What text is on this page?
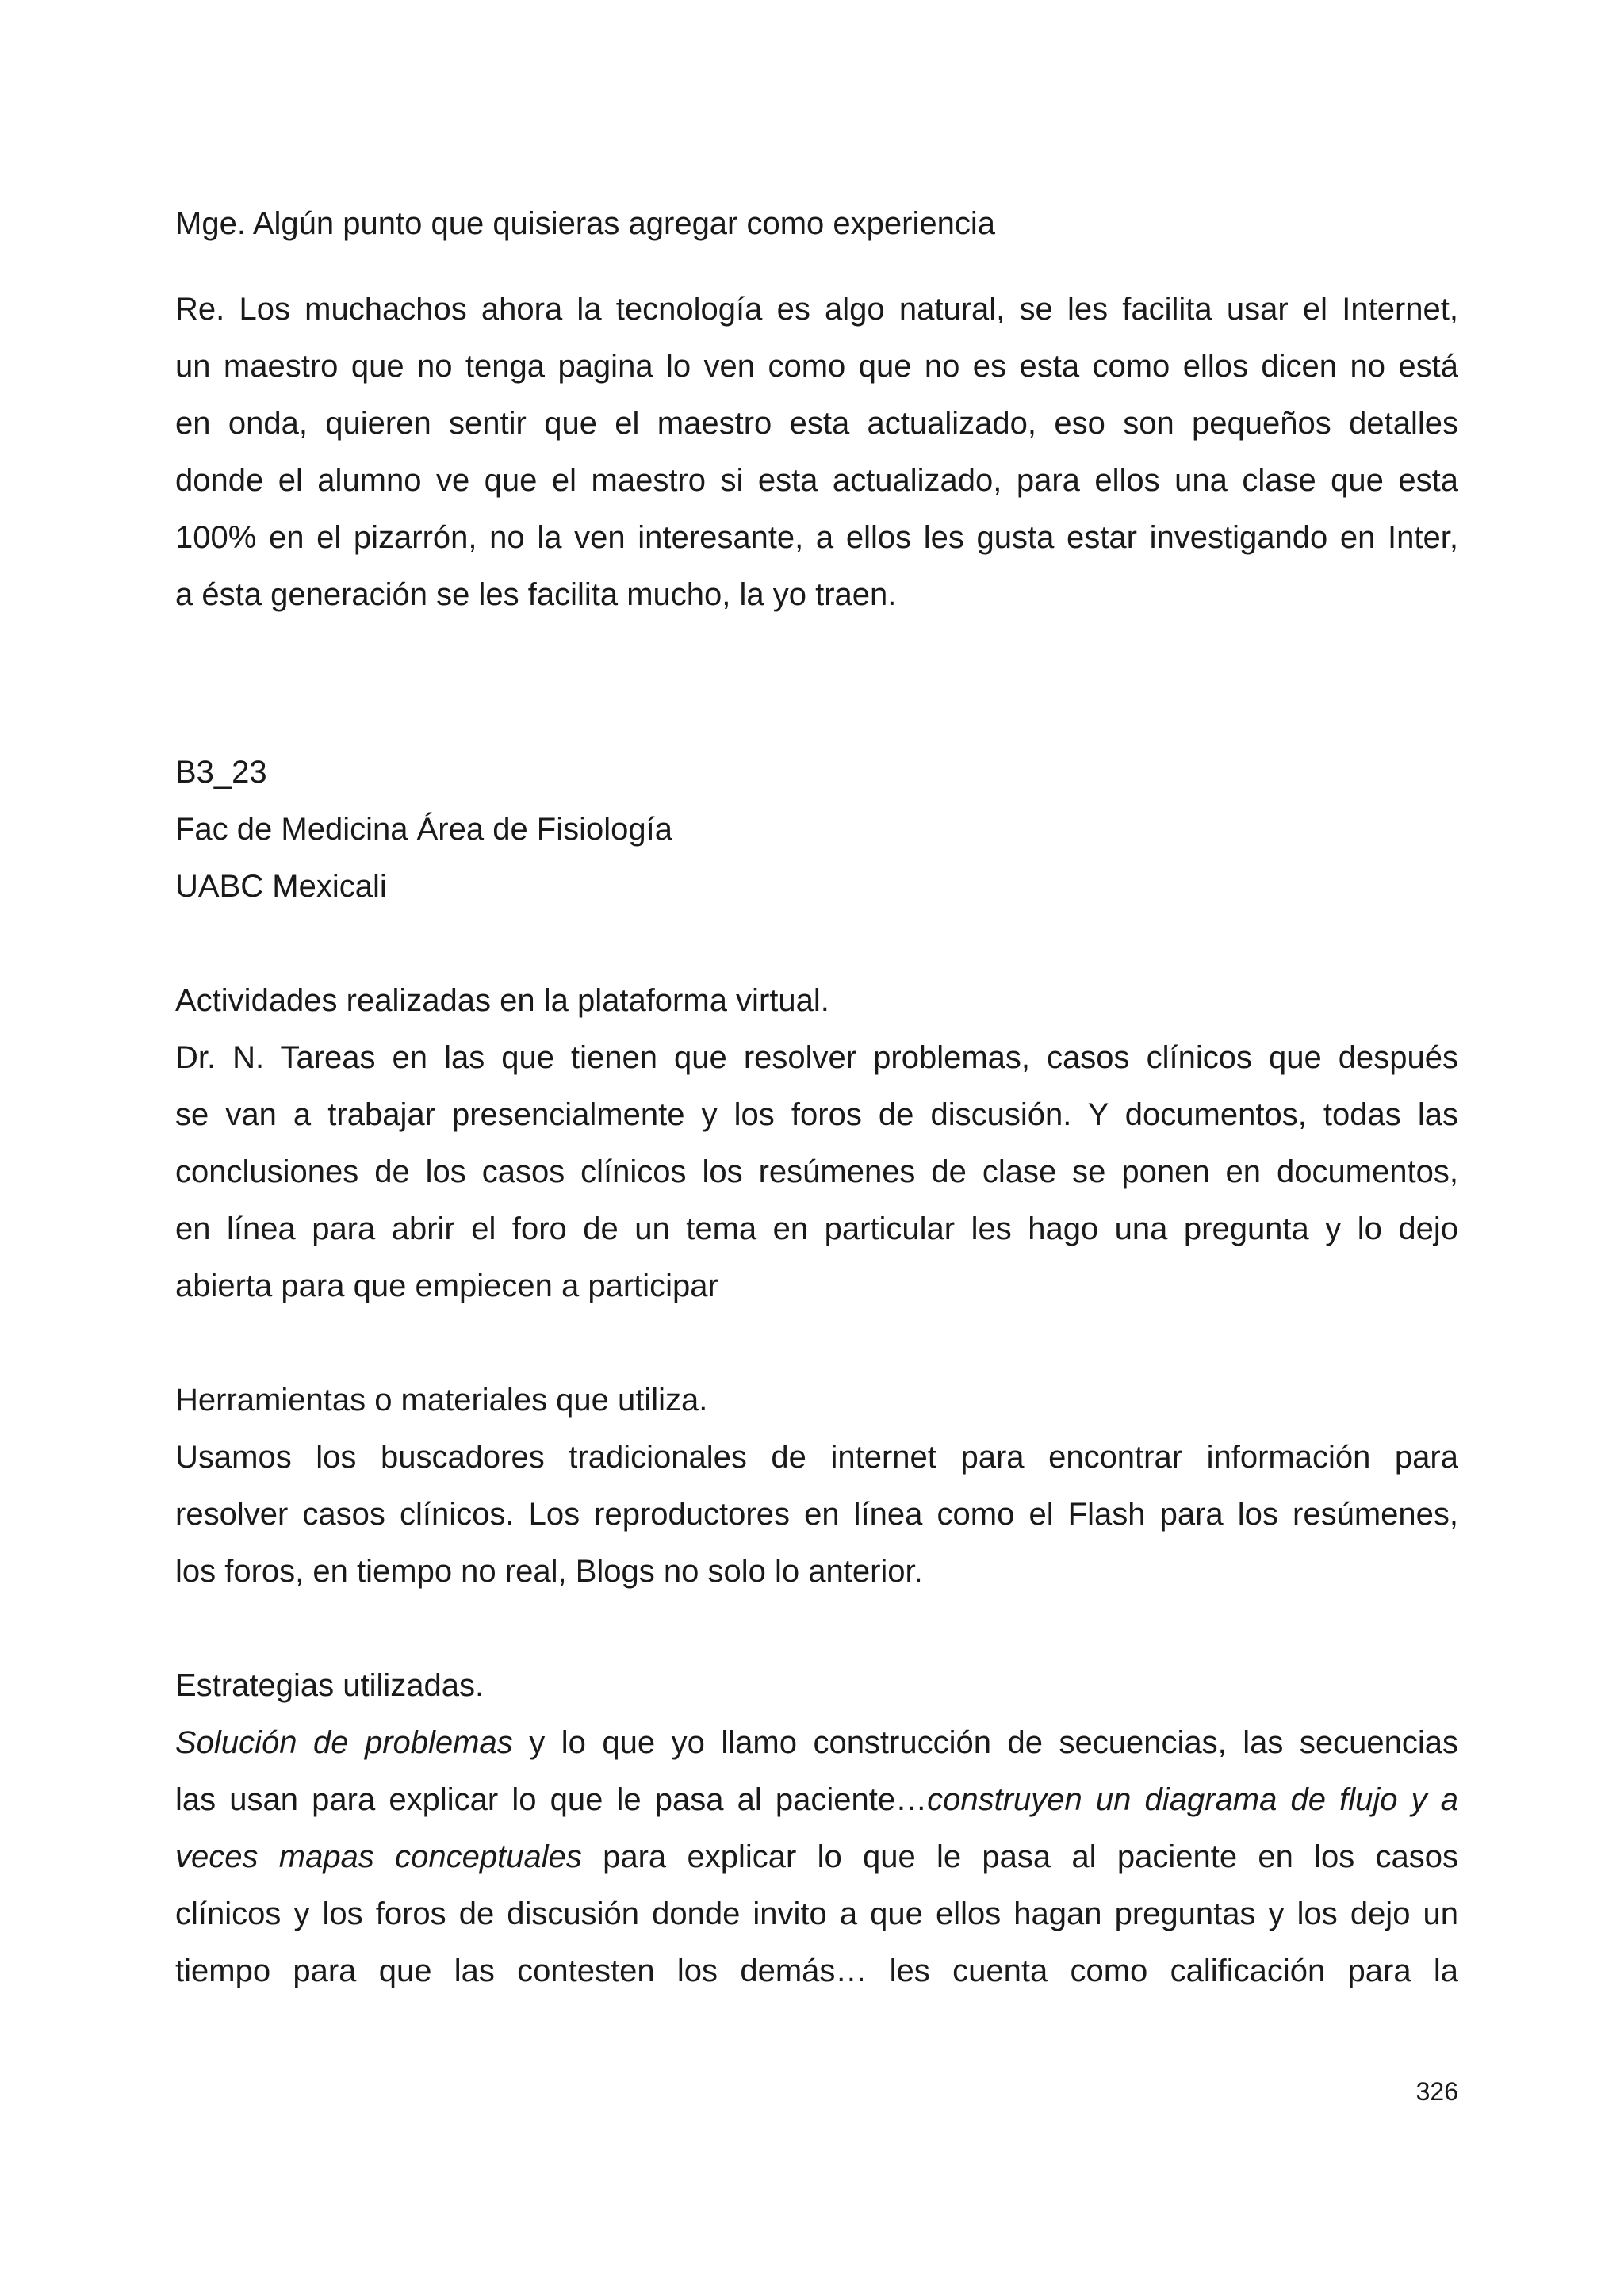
Mge. Algún punto que quisieras agregar como experiencia
Re. Los muchachos ahora la tecnología es algo natural, se les facilita usar el Internet,
un maestro que no tenga pagina lo ven como que no es esta como ellos dicen no está
en onda, quieren sentir que el maestro esta actualizado, eso son pequeños detalles
donde el alumno ve que el maestro si esta actualizado, para ellos una clase que esta
100% en el pizarrón, no la ven interesante, a ellos les gusta estar investigando en Inter,
a ésta generación se les facilita mucho, la yo traen.
B3_23
Fac de Medicina Área de Fisiología
UABC Mexicali
Actividades realizadas en la plataforma virtual.
Dr. N. Tareas en las que tienen que resolver problemas, casos clínicos que después
se van a trabajar presencialmente y los foros de discusión. Y documentos, todas las
conclusiones de los casos clínicos los resúmenes de clase se ponen en documentos,
en línea para abrir el foro de un tema en particular les hago una pregunta y lo dejo
abierta para que empiecen a participar
Herramientas o materiales que utiliza.
Usamos los buscadores tradicionales de internet para encontrar información para
resolver casos clínicos. Los reproductores en línea como el Flash para los resúmenes,
los foros, en tiempo no real, Blogs no solo lo anterior.
Estrategias utilizadas.
Solución de problemas y lo que yo llamo construcción de secuencias, las secuencias
las usan para explicar lo que le pasa al paciente…construyen un diagrama de flujo y a
veces mapas conceptuales para explicar lo que le pasa al paciente en los casos
clínicos y los foros de discusión donde invito a que ellos hagan preguntas y los dejo un
tiempo para que las contesten los demás… les cuenta como calificación para la
326
